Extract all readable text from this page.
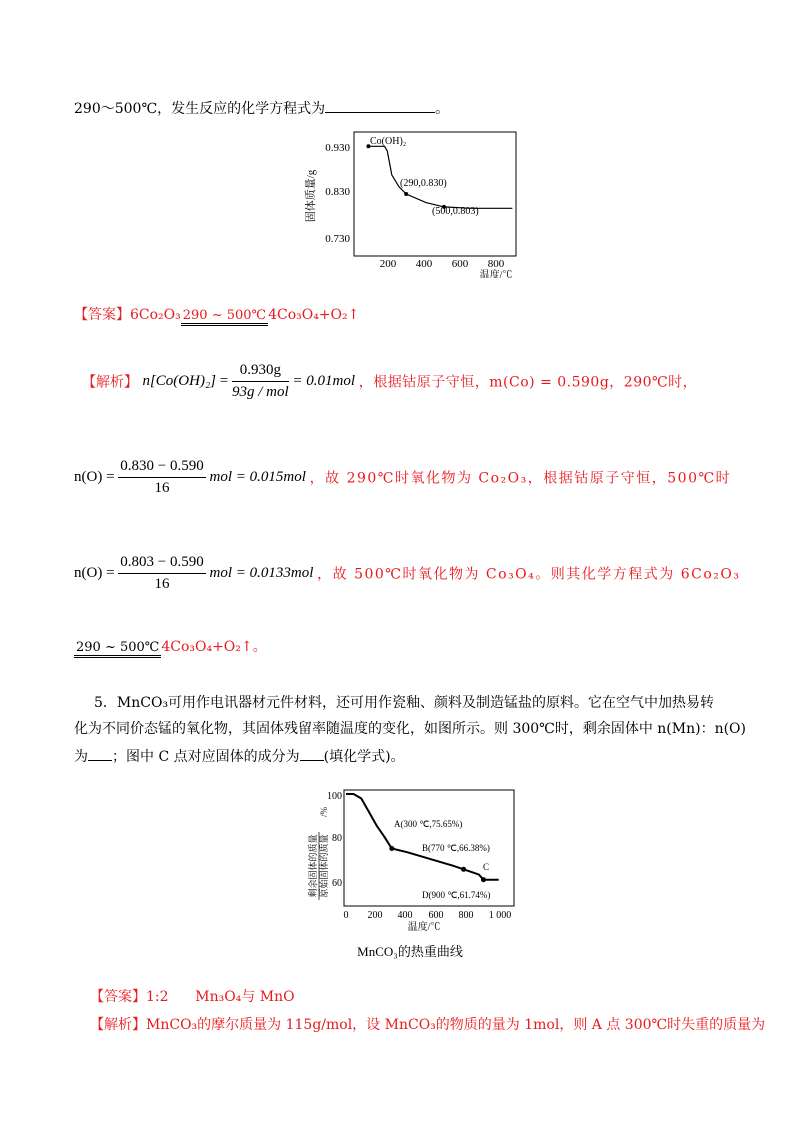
290～500℃，发生反应的化学方程式为	。
固体质量/g
0.930
0.830
0.730
200 400 600 800
温度/℃
Co(OH)₂
(290,0.830)
(500,0.803)
【答案】6Co₂O₃ 290 ~ 500℃ 4Co₃O₄+O₂↑
【解析】 $n[Co(OH)_2] = \frac{0.930g}{\text{93g / mol}} = 0.01mol$ ，根据钴原子守恒，m(Co) = 0.590g，290℃时，
$n(O) = \frac{0.830 - 0.590}{16}$ mol = 0.015mol ，故 290℃时氧化物为 Co₂O₃，根据钴原子守恒，500℃时
$n(O) = \frac{0.803 - 0.590}{16}$ mol = 0.0133mol ，故 500℃时氧化物为 Co₃O₄。则其化学方程式为 6Co₂O₃
290 ~ 500℃ 4Co₃O₄+O₂↑。
5．MnCO₃可用作电讯器材元件材料，还可用作瓷釉、颜料及制造锰盐的原料。它在空气中加热易转
化为不同价态锰的氧化物，其固体残留率随温度的变化，如图所示。则 300℃时，剩余固体中 n(Mn)：n(O)
为 ；图中 C 点对应固体的成分为 (填化学式)。
剩余固体的质量 原始固体的质量
/%
100
80
60
0 200 400 600 800 1 000
温度/℃
A(300 ℃,75.65%)
B(770 ℃,66.38%)
C
D(900 ℃,61.74%)
MnCO₃的热重曲线
【答案】1:2      Mn₃O₄与 MnO
【解析】MnCO₃的摩尔质量为 115g/mol，设 MnCO₃的物质的量为 1mol，则 A 点 300℃时失重的质量为
